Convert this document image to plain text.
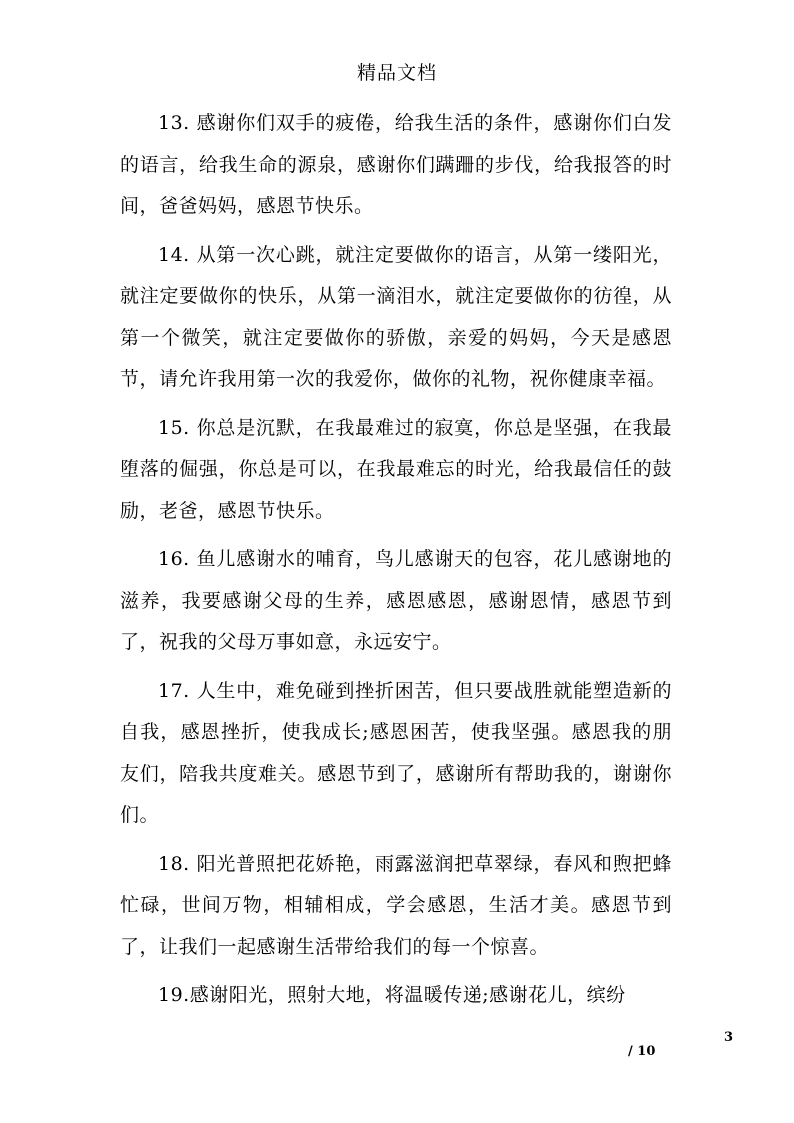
精品文档

13. 感谢你们双手的疲倦，给我生活的条件，感谢你们白发的语言，给我生命的源泉，感谢你们蹒跚的步伐，给我报答的时间，爸爸妈妈，感恩节快乐。

14. 从第一次心跳，就注定要做你的语言，从第一缕阳光，就注定要做你的快乐，从第一滴泪水，就注定要做你的彷徨，从第一个微笑，就注定要做你的骄傲，亲爱的妈妈，今天是感恩节，请允许我用第一次的我爱你，做你的礼物，祝你健康幸福。

15. 你总是沉默，在我最难过的寂寞，你总是坚强，在我最堕落的倔强，你总是可以，在我最难忘的时光，给我最信任的鼓励，老爸，感恩节快乐。

16. 鱼儿感谢水的哺育，鸟儿感谢天的包容，花儿感谢地的滋养，我要感谢父母的生养，感恩感恩，感谢恩情，感恩节到了，祝我的父母万事如意，永远安宁。

17. 人生中，难免碰到挫折困苦，但只要战胜就能塑造新的自我，感恩挫折，使我成长;感恩困苦，使我坚强。感恩我的朋友们，陪我共度难关。感恩节到了，感谢所有帮助我的，谢谢你们。

18. 阳光普照把花娇艳，雨露滋润把草翠绿，春风和煦把蜂忙碌，世间万物，相辅相成，学会感恩，生活才美。感恩节到了，让我们一起感谢生活带给我们的每一个惊喜。

19.感谢阳光，照射大地，将温暖传递;感谢花儿，缤纷

3
/ 10
